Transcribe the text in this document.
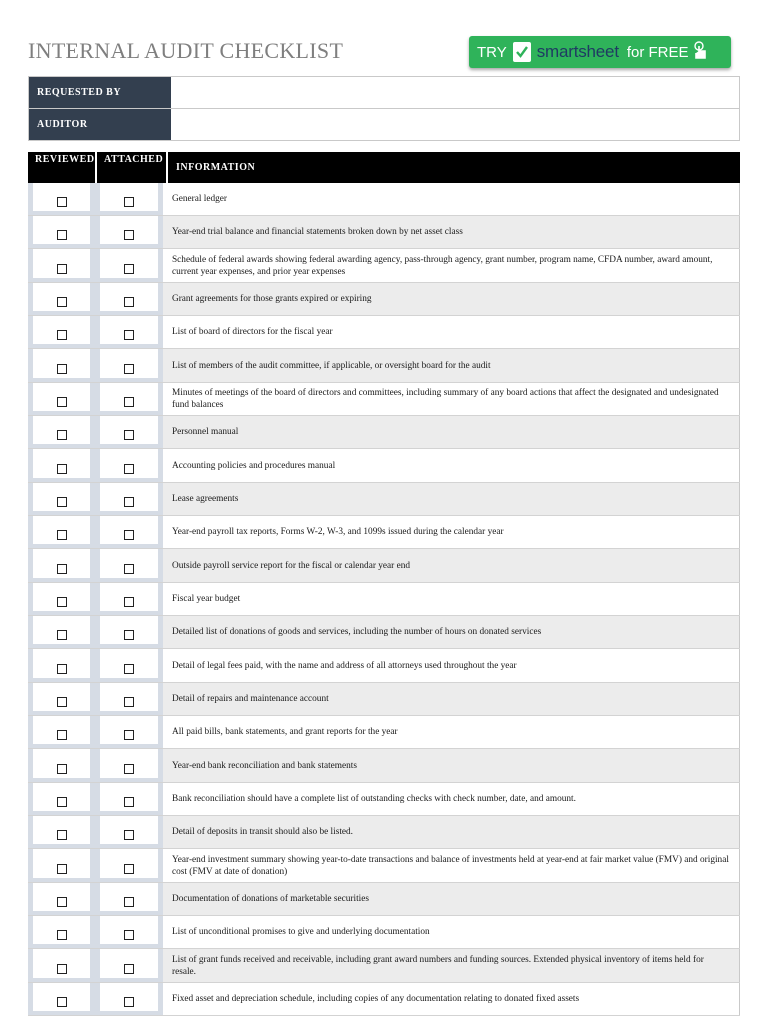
INTERNAL AUDIT CHECKLIST	TRY smartsheet for FREE
REQUESTED BY
AUDITOR
REVIEWED ATTACHED
INFORMATION
General ledger
Year-end trial balance and financial statements broken down by net asset class
Schedule of federal awards showing federal awarding agency, pass-through agency, grant number, program name, CFDA number, award amount, current year expenses, and prior year expenses
Grant agreements for those grants expired or expiring
List of board of directors for the fiscal year
List of members of the audit committee, if applicable, or oversight board for the audit
Minutes of meetings of the board of directors and committees, including summary of any board actions that affect the designated and undesignated fund balances
Personnel manual
Accounting policies and procedures manual
Lease agreements
Year-end payroll tax reports, Forms W-2, W-3, and 1099s issued during the calendar year
Outside payroll service report for the fiscal or calendar year end
Fiscal year budget
Detailed list of donations of goods and services, including the number of hours on donated services
Detail of legal fees paid, with the name and address of all attorneys used throughout the year
Detail of repairs and maintenance account
All paid bills, bank statements, and grant reports for the year
Year-end bank reconciliation and bank statements
Bank reconciliation should have a complete list of outstanding checks with check number, date, and amount.
Detail of deposits in transit should also be listed.
Year-end investment summary showing year-to-date transactions and balance of investments held at year-end at fair market value (FMV) and original cost (FMV at date of donation)
Documentation of donations of marketable securities
List of unconditional promises to give and underlying documentation
List of grant funds received and receivable, including grant award numbers and funding sources. Extended physical inventory of items held for resale.
Fixed asset and depreciation schedule, including copies of any documentation relating to donated fixed assets
